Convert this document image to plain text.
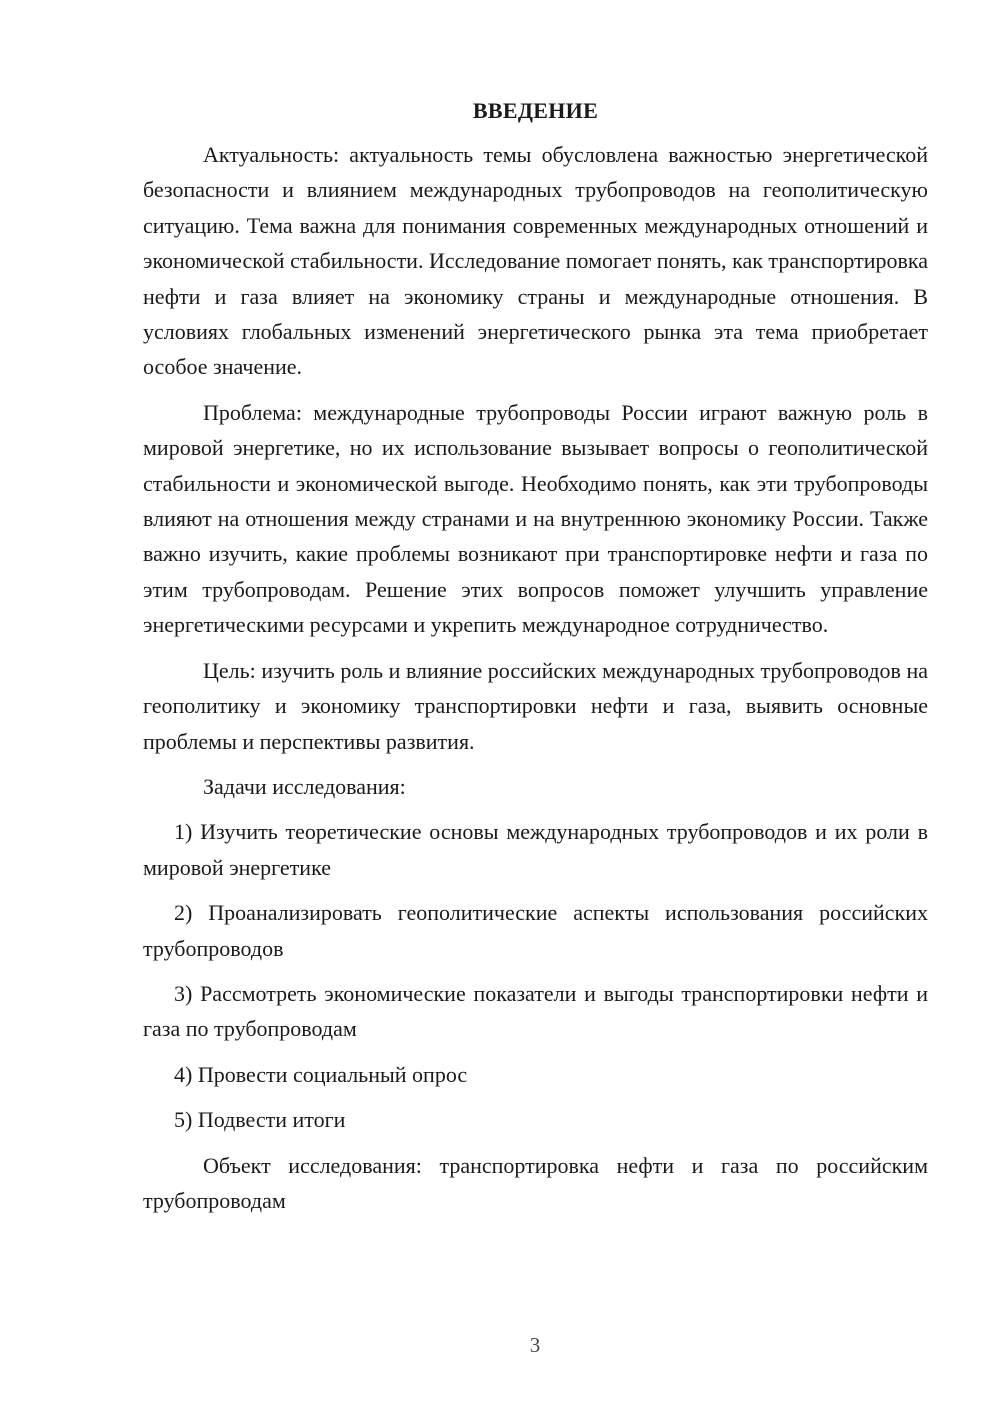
ВВЕДЕНИЕ

Актуальность: актуальность темы обусловлена важностью энергетической безопасности и влиянием международных трубопроводов на геополитическую ситуацию. Тема важна для понимания современных международных отношений и экономической стабильности. Исследование помогает понять, как транспортировка нефти и газа влияет на экономику страны и международные отношения. В условиях глобальных изменений энергетического рынка эта тема приобретает особое значение.

Проблема: международные трубопроводы России играют важную роль в мировой энергетике, но их использование вызывает вопросы о геополитической стабильности и экономической выгоде. Необходимо понять, как эти трубопроводы влияют на отношения между странами и на внутреннюю экономику России. Также важно изучить, какие проблемы возникают при транспортировке нефти и газа по этим трубопроводам. Решение этих вопросов поможет улучшить управление энергетическими ресурсами и укрепить международное сотрудничество.

Цель: изучить роль и влияние российских международных трубопроводов на геополитику и экономику транспортировки нефти и газа, выявить основные проблемы и перспективы развития.

Задачи исследования:

1) Изучить теоретические основы международных трубопроводов и их роли в мировой энергетике

2) Проанализировать геополитические аспекты использования российских трубопроводов

3) Рассмотреть экономические показатели и выгоды транспортировки нефти и газа по трубопроводам

4) Провести социальный опрос

5) Подвести итоги

Объект исследования: транспортировка нефти и газа по российским трубопроводам

3
